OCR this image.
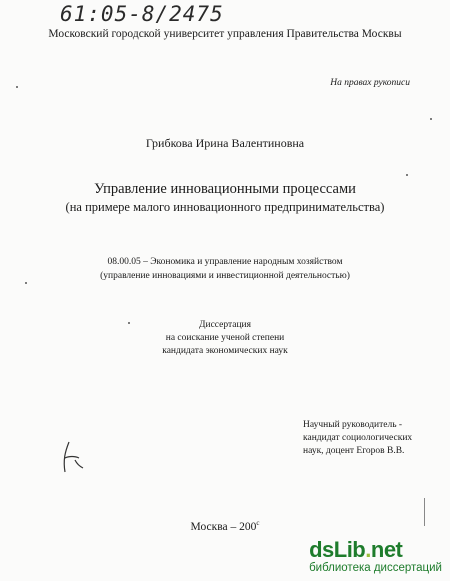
61:05-8/2475
Московский городской университет управления Правительства Москвы
На правах рукописи
Грибкова Ирина Валентиновна
Управление инновационными процессами
(на примере малого инновационного предпринимательства)
08.00.05 – Экономика и управление народным хозяйством
(управление инновациями и инвестиционной деятельностью)
Диссертация
на соискание ученой степени
кандидата экономических наук
Научный руководитель -
кандидат социологических
наук, доцент Егоров В.В.
Москва – $200^с$
dsLib.net
библиотека диссертаций
